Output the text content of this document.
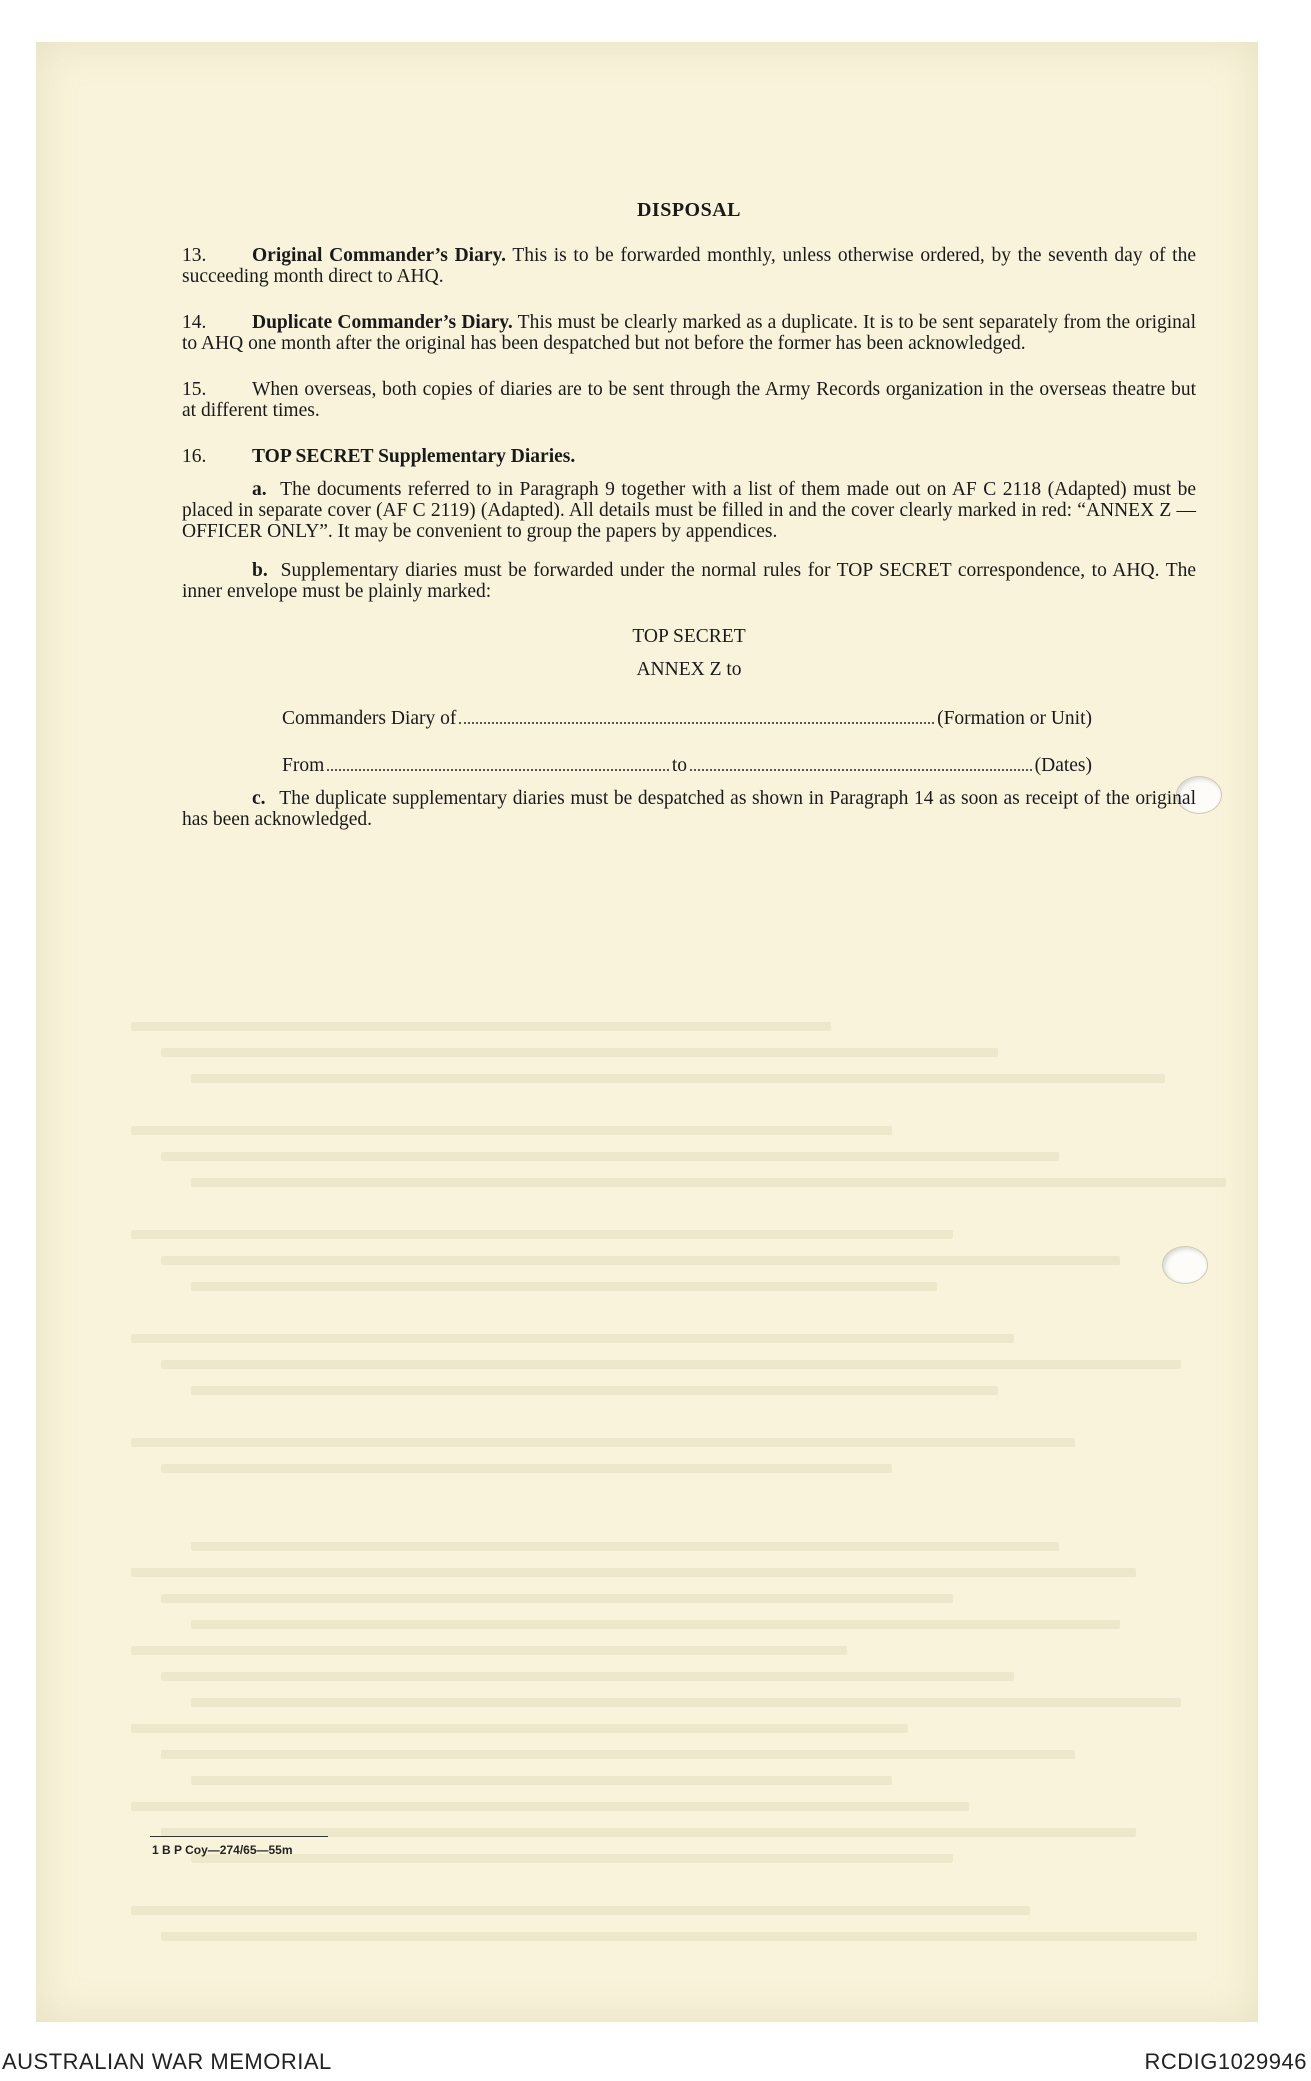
DISPOSAL

13. Original Commander’s Diary. This is to be forwarded monthly, unless otherwise ordered, by the seventh day of the succeeding month direct to AHQ.

14. Duplicate Commander’s Diary. This must be clearly marked as a duplicate. It is to be sent separately from the original to AHQ one month after the original has been despatched but not before the former has been acknowledged.

15. When overseas, both copies of diaries are to be sent through the Army Records organization in the overseas theatre but at different times.

16. TOP SECRET Supplementary Diaries.

a. The documents referred to in Paragraph 9 together with a list of them made out on AF C 2118 (Adapted) must be placed in separate cover (AF C 2119) (Adapted). All details must be filled in and the cover clearly marked in red: “ANNEX Z — OFFICER ONLY”. It may be convenient to group the papers by appendices.

b. Supplementary diaries must be forwarded under the normal rules for TOP SECRET correspondence, to AHQ. The inner envelope must be plainly marked:

TOP SECRET
ANNEX Z to
Commanders Diary of	(Formation or Unit)
From	to	(Dates)

c. The duplicate supplementary diaries must be despatched as shown in Paragraph 14 as soon as receipt of the original has been acknowledged.

1 B P Coy—274/65—55m
AUSTRALIAN WAR MEMORIAL	RCDIG1029946
